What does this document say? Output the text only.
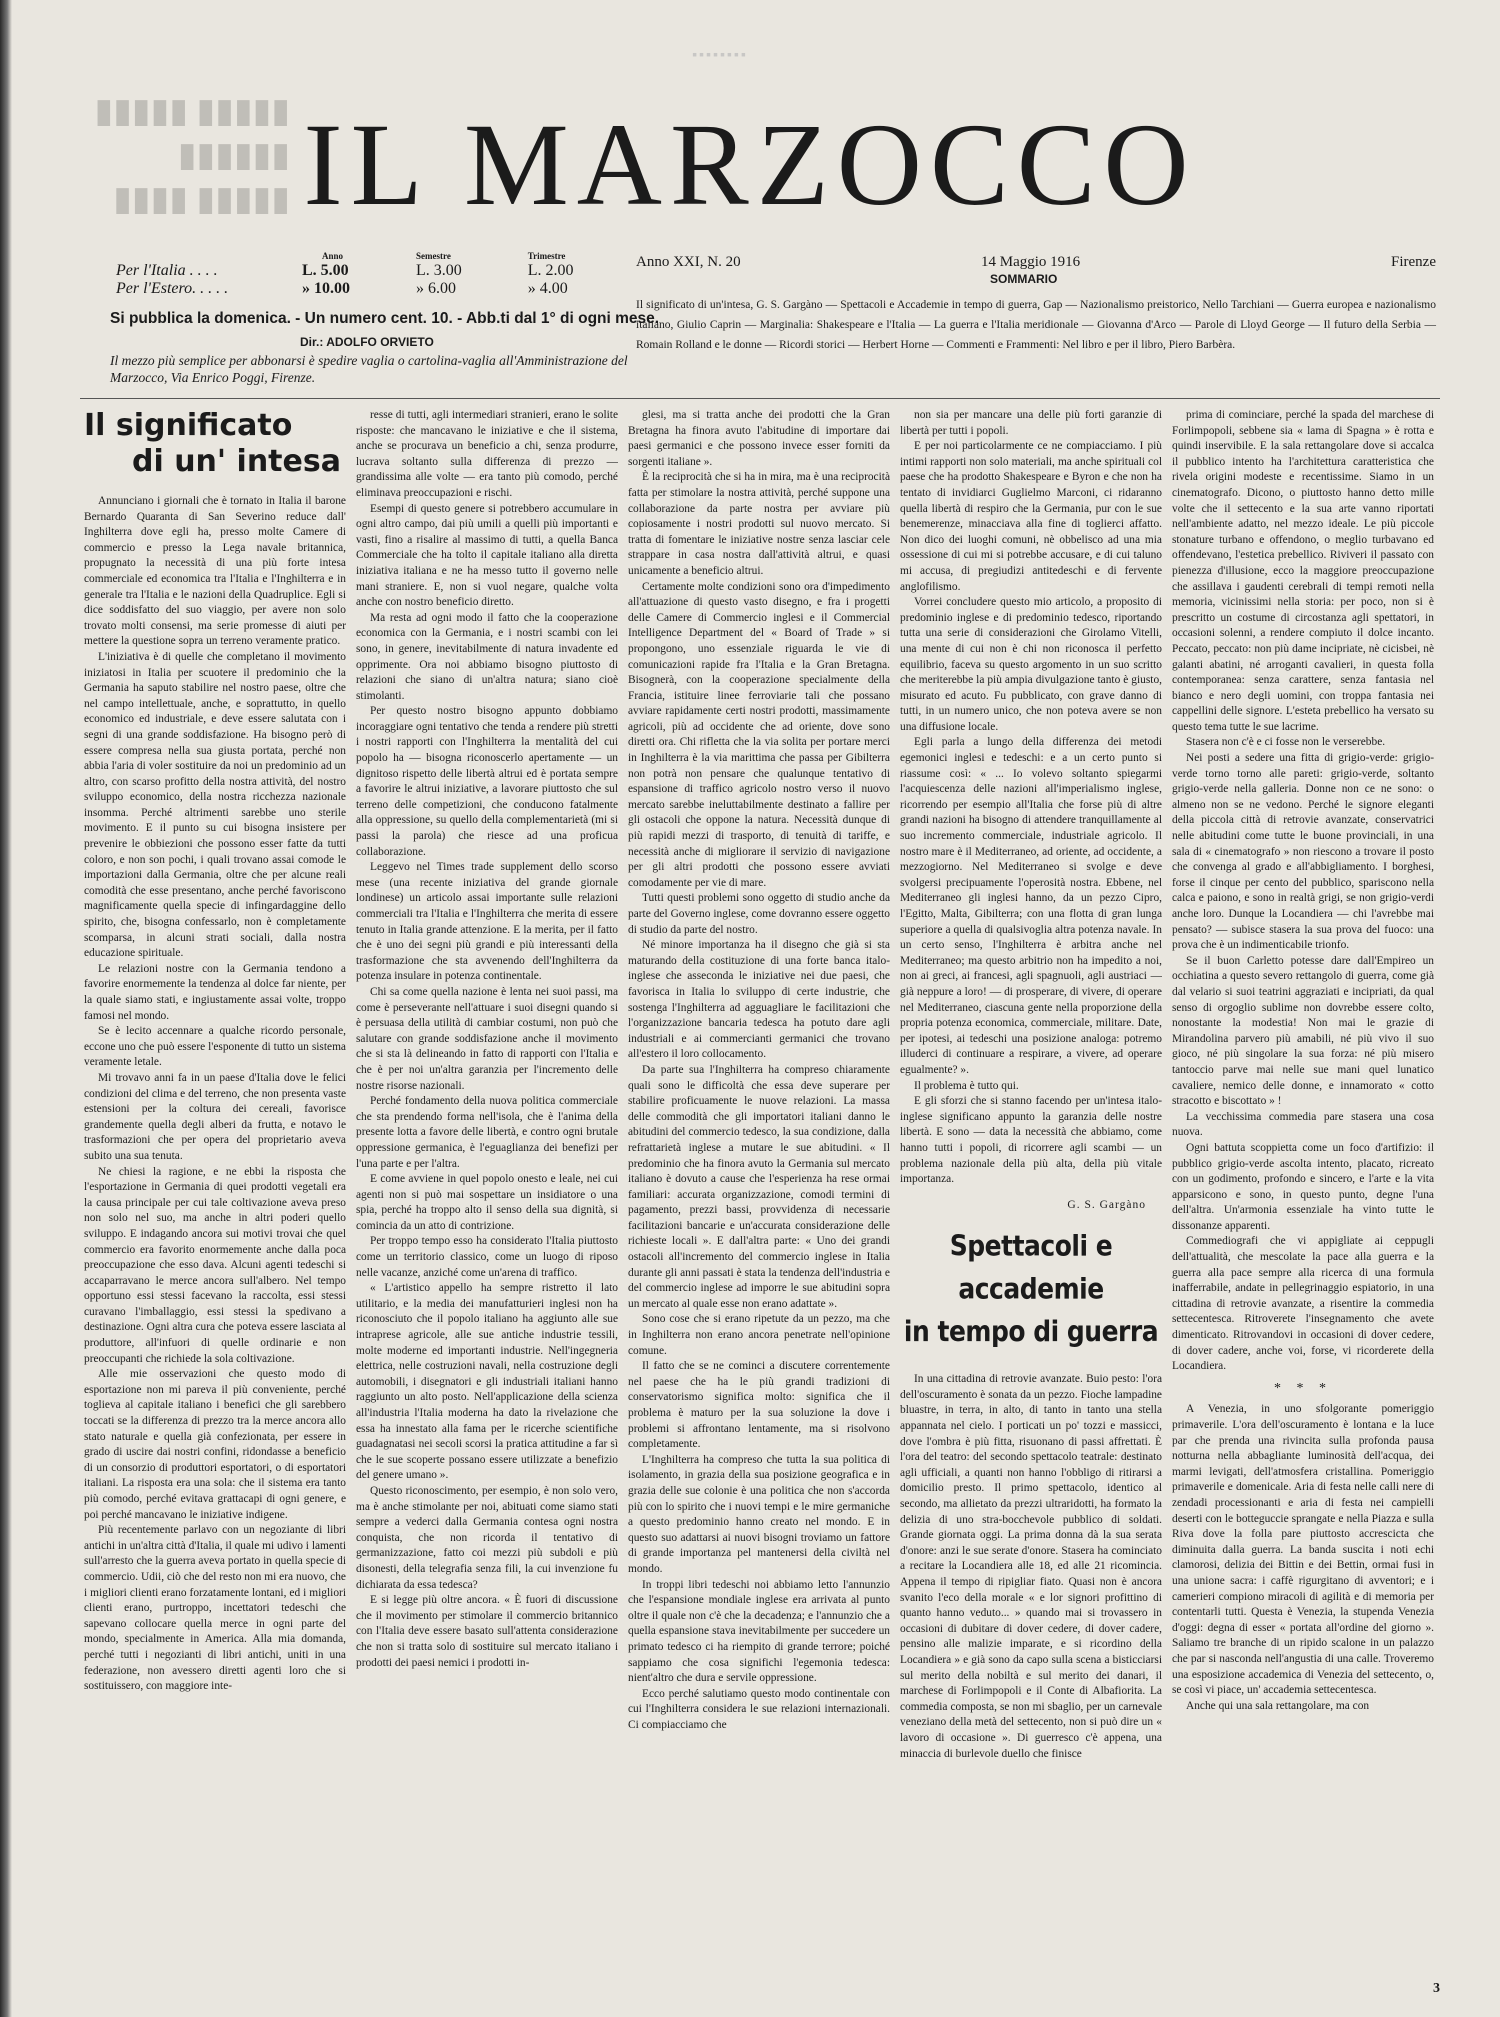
▮▮▮▮▮ ▮▮▮▮▮
▮▮▮▮▮▮
▮▮▮▮▮ ▮▮▮▮
▪▪▪▪▪▪▪▪
IL MARZOCCO
	Anno	Semestre	Trimestre
Per l'Italia . . . .	L. 5.00	L. 3.00	L. 2.00
Per l'Estero. . . . .	» 10.00	» 6.00	» 4.00
Si pubblica la domenica. - Un numero cent. 10. - Abb.ti dal 1° di ogni mese.
Dir.: ADOLFO ORVIETO
Il mezzo più semplice per abbonarsi è spedire vaglia o cartolina-vaglia all'Amministrazione del Marzocco, Via Enrico Poggi, Firenze.
Anno XXI, N. 20	14 Maggio 1916	Firenze
SOMMARIO
Il significato di un'intesa, G. S. Gargàno — Spettacoli e Accademie in tempo di guerra, Gap — Nazionalismo preistorico, Nello Tarchiani — Guerra europea e nazionalismo italiano, Giulio Caprin — Marginalia: Shakespeare e l'Italia — La guerra e l'Italia meridionale — Giovanna d'Arco — Parole di Lloyd George — Il futuro della Serbia — Romain Rolland e le donne — Ricordi storici — Herbert Horne — Commenti e Frammenti: Nel libro e per il libro, Piero Barbèra.
Il significato
di un' intesa

Annunciano i giornali che è tornato in Italia il barone Bernardo Quaranta di San Severino reduce dall' Inghilterra dove egli ha, presso molte Camere di commercio e presso la Lega navale britannica, propugnato la necessità di una più forte intesa commerciale ed economica tra l'Italia e l'Inghilterra e in generale tra l'Italia e le nazioni della Quadruplice. Egli si dice soddisfatto del suo viaggio, per avere non solo trovato molti consensi, ma serie promesse di aiuti per mettere la questione sopra un terreno veramente pratico.

L'iniziativa è di quelle che completano il movimento iniziatosi in Italia per scuotere il predominio che la Germania ha saputo stabilire nel nostro paese, oltre che nel campo intellettuale, anche, e soprattutto, in quello economico ed industriale, e deve essere salutata con i segni di una grande soddisfazione. Ha bisogno però di essere compresa nella sua giusta portata, perché non abbia l'aria di voler sostituire da noi un predominio ad un altro, con scarso profitto della nostra attività, del nostro sviluppo economico, della nostra ricchezza nazionale insomma. Perché altrimenti sarebbe uno sterile movimento. E il punto su cui bisogna insistere per prevenire le obbiezioni che possono esser fatte da tutti coloro, e non son pochi, i quali trovano assai comode le importazioni dalla Germania, oltre che per alcune reali comodità che esse presentano, anche perché favoriscono magnificamente quella specie di infingardaggine dello spirito, che, bisogna confessarlo, non è completamente scomparsa, in alcuni strati sociali, dalla nostra educazione spirituale.

Le relazioni nostre con la Germania tendono a favorire enormemente la tendenza al dolce far niente, per la quale siamo stati, e ingiustamente assai volte, troppo famosi nel mondo.

Se è lecito accennare a qualche ricordo personale, eccone uno che può essere l'esponente di tutto un sistema veramente letale.

Mi trovavo anni fa in un paese d'Italia dove le felici condizioni del clima e del terreno, che non presenta vaste estensioni per la coltura dei cereali, favorisce grandemente quella degli alberi da frutta, e notavo le trasformazioni che per opera del proprietario aveva subito una sua tenuta.

Ne chiesi la ragione, e ne ebbi la risposta che l'esportazione in Germania di quei prodotti vegetali era la causa principale per cui tale coltivazione aveva preso non solo nel suo, ma anche in altri poderi quello sviluppo. E indagando ancora sui motivi trovai che quel commercio era favorito enormemente anche dalla poca preoccupazione che esso dava. Alcuni agenti tedeschi si accaparravano le merce ancora sull'albero. Nel tempo opportuno essi stessi facevano la raccolta, essi stessi curavano l'imballaggio, essi stessi la spedivano a destinazione. Ogni altra cura che poteva essere lasciata al produttore, all'infuori di quelle ordinarie e non preoccupanti che richiede la sola coltivazione.

Alle mie osservazioni che questo modo di esportazione non mi pareva il più conveniente, perché toglieva al capitale italiano i benefici che gli sarebbero toccati se la differenza di prezzo tra la merce ancora allo stato naturale e quella già confezionata, per essere in grado di uscire dai nostri confini, ridondasse a beneficio di un consorzio di produttori esportatori, o di esportatori italiani. La risposta era una sola: che il sistema era tanto più comodo, perché evitava grattacapi di ogni genere, e poi perché mancavano le iniziative indigene.

Più recentemente parlavo con un negoziante di libri antichi in un'altra città d'Italia, il quale mi udivo i lamenti sull'arresto che la guerra aveva portato in quella specie di commercio. Udii, ciò che del resto non mi era nuovo, che i migliori clienti erano forzatamente lontani, ed i migliori clienti erano, purtroppo, incettatori tedeschi che sapevano collocare quella merce in ogni parte del mondo, specialmente in America. Alla mia domanda, perché tutti i negozianti di libri antichi, uniti in una federazione, non avessero diretti agenti loro che si sostituissero, con maggiore inte-

resse di tutti, agli intermediari stranieri, erano le solite risposte: che mancavano le iniziative e che il sistema, anche se procurava un beneficio a chi, senza produrre, lucrava soltanto sulla differenza di prezzo — grandissima alle volte — era tanto più comodo, perché eliminava preoccupazioni e rischi.

Esempi di questo genere si potrebbero accumulare in ogni altro campo, dai più umili a quelli più importanti e vasti, fino a risalire al massimo di tutti, a quella Banca Commerciale che ha tolto il capitale italiano alla diretta iniziativa italiana e ne ha messo tutto il governo nelle mani straniere. E, non si vuol negare, qualche volta anche con nostro beneficio diretto.

Ma resta ad ogni modo il fatto che la cooperazione economica con la Germania, e i nostri scambi con lei sono, in genere, inevitabilmente di natura invadente ed opprimente. Ora noi abbiamo bisogno piuttosto di relazioni che siano di un'altra natura; siano cioè stimolanti.

Per questo nostro bisogno appunto dobbiamo incoraggiare ogni tentativo che tenda a rendere più stretti i nostri rapporti con l'Inghilterra la mentalità del cui popolo ha — bisogna riconoscerlo apertamente — un dignitoso rispetto delle libertà altrui ed è portata sempre a favorire le altrui iniziative, a lavorare piuttosto che sul terreno delle competizioni, che conducono fatalmente alla oppressione, su quello della complementarietà (mi si passi la parola) che riesce ad una proficua collaborazione.

Leggevo nel Times trade supplement dello scorso mese (una recente iniziativa del grande giornale londinese) un articolo assai importante sulle relazioni commerciali tra l'Italia e l'Inghilterra che merita di essere tenuto in Italia grande attenzione. E la merita, per il fatto che è uno dei segni più grandi e più interessanti della trasformazione che sta avvenendo dell'Inghilterra da potenza insulare in potenza continentale.

Chi sa come quella nazione è lenta nei suoi passi, ma come è perseverante nell'attuare i suoi disegni quando si è persuasa della utilità di cambiar costumi, non può che salutare con grande soddisfazione anche il movimento che si sta là delineando in fatto di rapporti con l'Italia e che è per noi un'altra garanzia per l'incremento delle nostre risorse nazionali.

Perché fondamento della nuova politica commerciale che sta prendendo forma nell'isola, che è l'anima della presente lotta a favore delle libertà, e contro ogni brutale oppressione germanica, è l'eguaglianza dei benefizi per l'una parte e per l'altra.

E come avviene in quel popolo onesto e leale, nei cui agenti non si può mai sospettare un insidiatore o una spia, perché ha troppo alto il senso della sua dignità, si comincia da un atto di contrizione.

Per troppo tempo esso ha considerato l'Italia piuttosto come un territorio classico, come un luogo di riposo nelle vacanze, anziché come un'arena di traffico.

« L'artistico appello ha sempre ristretto il lato utilitario, e la media dei manufatturieri inglesi non ha riconosciuto che il popolo italiano ha aggiunto alle sue intraprese agricole, alle sue antiche industrie tessili, molte moderne ed importanti industrie. Nell'ingegneria elettrica, nelle costruzioni navali, nella costruzione degli automobili, i disegnatori e gli industriali italiani hanno raggiunto un alto posto. Nell'applicazione della scienza all'industria l'Italia moderna ha dato la rivelazione che essa ha innestato alla fama per le ricerche scientifiche guadagnatasi nei secoli scorsi la pratica attitudine a far sì che le sue scoperte possano essere utilizzate a benefizio del genere umano ».

Questo riconoscimento, per esempio, è non solo vero, ma è anche stimolante per noi, abituati come siamo stati sempre a vederci dalla Germania contesa ogni nostra conquista, che non ricorda il tentativo di germanizzazione, fatto coi mezzi più subdoli e più disonesti, della telegrafia senza fili, la cui invenzione fu dichiarata da essa tedesca?

E si legge più oltre ancora. « È fuori di discussione che il movimento per stimolare il commercio britannico con l'Italia deve essere basato sull'attenta considerazione che non si tratta solo di sostituire sul mercato italiano i prodotti dei paesi nemici i prodotti in-

glesi, ma si tratta anche dei prodotti che la Gran Bretagna ha finora avuto l'abitudine di importare dai paesi germanici e che possono invece esser forniti da sorgenti italiane ».

È la reciprocità che si ha in mira, ma è una reciprocità fatta per stimolare la nostra attività, perché suppone una collaborazione da parte nostra per avviare più copiosamente i nostri prodotti sul nuovo mercato. Si tratta di fomentare le iniziative nostre senza lasciar cele strappare in casa nostra dall'attività altrui, e quasi unicamente a beneficio altrui.

Certamente molte condizioni sono ora d'impedimento all'attuazione di questo vasto disegno, e fra i progetti delle Camere di Commercio inglesi e il Commercial Intelligence Department del « Board of Trade » si propongono, uno essenziale riguarda le vie di comunicazioni rapide fra l'Italia e la Gran Bretagna. Bisognerà, con la cooperazione specialmente della Francia, istituire linee ferroviarie tali che possano avviare rapidamente certi nostri prodotti, massimamente agricoli, più ad occidente che ad oriente, dove sono diretti ora. Chi rifletta che la via solita per portare merci in Inghilterra è la via marittima che passa per Gibilterra non potrà non pensare che qualunque tentativo di espansione di traffico agricolo nostro verso il nuovo mercato sarebbe ineluttabilmente destinato a fallire per gli ostacoli che oppone la natura. Necessità dunque di più rapidi mezzi di trasporto, di tenuità di tariffe, e necessità anche di migliorare il servizio di navigazione per gli altri prodotti che possono essere avviati comodamente per vie di mare.

Tutti questi problemi sono oggetto di studio anche da parte del Governo inglese, come dovranno essere oggetto di studio da parte del nostro.

Né minore importanza ha il disegno che già si sta maturando della costituzione di una forte banca italo-inglese che asseconda le iniziative nei due paesi, che favorisca in Italia lo sviluppo di certe industrie, che sostenga l'Inghilterra ad agguagliare le facilitazioni che l'organizzazione bancaria tedesca ha potuto dare agli industriali e ai commercianti germanici che trovano all'estero il loro collocamento.

Da parte sua l'Inghilterra ha compreso chiaramente quali sono le difficoltà che essa deve superare per stabilire proficuamente le nuove relazioni. La massa delle commodità che gli importatori italiani danno le abitudini del commercio tedesco, la sua condizione, dalla refrattarietà inglese a mutare le sue abitudini. « Il predominio che ha finora avuto la Germania sul mercato italiano è dovuto a cause che l'esperienza ha rese ormai familiari: accurata organizzazione, comodi termini di pagamento, prezzi bassi, provvidenza di necessarie facilitazioni bancarie e un'accurata considerazione delle richieste locali ». E dall'altra parte: « Uno dei grandi ostacoli all'incremento del commercio inglese in Italia durante gli anni passati è stata la tendenza dell'industria e del commercio inglese ad imporre le sue abitudini sopra un mercato al quale esse non erano adattate ».

Sono cose che si erano ripetute da un pezzo, ma che in Inghilterra non erano ancora penetrate nell'opinione comune.

Il fatto che se ne cominci a discutere correntemente nel paese che ha le più grandi tradizioni di conservatorismo significa molto: significa che il problema è maturo per la sua soluzione la dove i problemi si affrontano lentamente, ma si risolvono completamente.

L'Inghilterra ha compreso che tutta la sua politica di isolamento, in grazia della sua posizione geografica e in grazia delle sue colonie è una politica che non s'accorda più con lo spirito che i nuovi tempi e le mire germaniche a questo predominio hanno creato nel mondo. E in questo suo adattarsi ai nuovi bisogni troviamo un fattore di grande importanza pel mantenersi della civiltà nel mondo.

In troppi libri tedeschi noi abbiamo letto l'annunzio che l'espansione mondiale inglese era arrivata al punto oltre il quale non c'è che la decadenza; e l'annunzio che a quella espansione stava inevitabilmente per succedere un primato tedesco ci ha riempito di grande terrore; poiché sappiamo che cosa significhi l'egemonia tedesca: nient'altro che dura e servile oppressione.

Ecco perché salutiamo questo modo continentale con cui l'Inghilterra considera le sue relazioni internazionali. Ci compiacciamo che

non sia per mancare una delle più forti garanzie di libertà per tutti i popoli.

E per noi particolarmente ce ne compiacciamo. I più intimi rapporti non solo materiali, ma anche spirituali col paese che ha prodotto Shakespeare e Byron e che non ha tentato di invidiarci Guglielmo Marconi, ci ridaranno quella libertà di respiro che la Germania, pur con le sue benemerenze, minacciava alla fine di toglierci affatto. Non dico dei luoghi comuni, nè obbelisco ad una mia ossessione di cui mi si potrebbe accusare, e di cui taluno mi accusa, di pregiudizi antitedeschi e di fervente anglofilismo.

Vorrei concludere questo mio articolo, a proposito di predominio inglese e di predominio tedesco, riportando tutta una serie di considerazioni che Girolamo Vitelli, una mente di cui non è chi non riconosca il perfetto equilibrio, faceva su questo argomento in un suo scritto che meriterebbe la più ampia divulgazione tanto è giusto, misurato ed acuto. Fu pubblicato, con grave danno di tutti, in un numero unico, che non poteva avere se non una diffusione locale.

Egli parla a lungo della differenza dei metodi egemonici inglesi e tedeschi: e a un certo punto si riassume così: « ... Io volevo soltanto spiegarmi l'acquiescenza delle nazioni all'imperialismo inglese, ricorrendo per esempio all'Italia che forse più di altre grandi nazioni ha bisogno di attendere tranquillamente al suo incremento commerciale, industriale agricolo. Il nostro mare è il Mediterraneo, ad oriente, ad occidente, a mezzogiorno. Nel Mediterraneo si svolge e deve svolgersi precipuamente l'operosità nostra. Ebbene, nel Mediterraneo gli inglesi hanno, da un pezzo Cipro, l'Egitto, Malta, Gibilterra; con una flotta di gran lunga superiore a quella di qualsivoglia altra potenza navale. In un certo senso, l'Inghilterra è arbitra anche nel Mediterraneo; ma questo arbitrio non ha impedito a noi, non ai greci, ai francesi, agli spagnuoli, agli austriaci — già neppure a loro! — di prosperare, di vivere, di operare nel Mediterraneo, ciascuna gente nella proporzione della propria potenza economica, commerciale, militare. Date, per ipotesi, ai tedeschi una posizione analoga: potremo illuderci di continuare a respirare, a vivere, ad operare egualmente? ».

Il problema è tutto qui.

E gli sforzi che si stanno facendo per un'intesa italo-inglese significano appunto la garanzia delle nostre libertà. E sono — data la necessità che abbiamo, come hanno tutti i popoli, di ricorrere agli scambi — un problema nazionale della più alta, della più vitale importanza.

G. S. Gargàno
Spettacoli e accademie
in tempo di guerra

In una cittadina di retrovie avanzate. Buio pesto: l'ora dell'oscuramento è sonata da un pezzo. Fioche lampadine bluastre, in terra, in alto, di tanto in tanto una stella appannata nel cielo. I porticati un po' tozzi e massicci, dove l'ombra è più fitta, risuonano di passi affrettati. È l'ora del teatro: del secondo spettacolo teatrale: destinato agli ufficiali, a quanti non hanno l'obbligo di ritirarsi a domicilio presto. Il primo spettacolo, identico al secondo, ma allietato da prezzi ultraridotti, ha formato la delizia di uno stra-bocchevole pubblico di soldati. Grande giornata oggi. La prima donna dà la sua serata d'onore: anzi le sue serate d'onore. Stasera ha cominciato a recitare la Locandiera alle 18, ed alle 21 ricomincia. Appena il tempo di ripigliar fiato. Quasi non è ancora svanito l'eco della morale « e lor signori profittino di quanto hanno veduto... » quando mai si trovassero in occasioni di dubitare di dover cedere, di dover cadere, pensino alle malizie imparate, e si ricordino della Locandiera » e già sono da capo sulla scena a bisticciarsi sul merito della nobiltà e sul merito dei danari, il marchese di Forlimpopoli e il Conte di Albafiorita. La commedia composta, se non mi sbaglio, per un carnevale veneziano della metà del settecento, non si può dire un « lavoro di occasione ». Di guerresco c'è appena, una minaccia di burlevole duello che finisce

prima di cominciare, perché la spada del marchese di Forlimpopoli, sebbene sia « lama di Spagna » è rotta e quindi inservibile. E la sala rettangolare dove si accalca il pubblico intento ha l'architettura caratteristica che rivela origini modeste e recentissime. Siamo in un cinematografo. Dicono, o piuttosto hanno detto mille volte che il settecento e la sua arte vanno riportati nell'ambiente adatto, nel mezzo ideale. Le più piccole stonature turbano e offendono, o meglio turbavano ed offendevano, l'estetica prebellico. Riviveri il passato con pienezza d'illusione, ecco la maggiore preoccupazione che assillava i gaudenti cerebrali di tempi remoti nella memoria, vicinissimi nella storia: per poco, non si è prescritto un costume di circostanza agli spettatori, in occasioni solenni, a rendere compiuto il dolce incanto. Peccato, peccato: non più dame incipriate, nè cicisbei, nè galanti abatini, né arroganti cavalieri, in questa folla contemporanea: senza carattere, senza fantasia nel bianco e nero degli uomini, con troppa fantasia nei cappellini delle signore. L'esteta prebellico ha versato su questo tema tutte le sue lacrime.

Stasera non c'è e ci fosse non le verserebbe.

Nei posti a sedere una fitta di grigio-verde: grigio-verde torno torno alle pareti: grigio-verde, soltanto grigio-verde nella galleria. Donne non ce ne sono: o almeno non se ne vedono. Perché le signore eleganti della piccola città di retrovie avanzate, conservatrici nelle abitudini come tutte le buone provinciali, in una sala di « cinematografo » non riescono a trovare il posto che convenga al grado e all'abbigliamento. I borghesi, forse il cinque per cento del pubblico, spariscono nella calca e paiono, e sono in realtà grigi, se non grigio-verdi anche loro. Dunque la Locandiera — chi l'avrebbe mai pensato? — subisce stasera la sua prova del fuoco: una prova che è un indimenticabile trionfo.

Se il buon Carletto potesse dare dall'Empireo un occhiatina a questo severo rettangolo di guerra, come già dal velario si suoi teatrini aggraziati e incipriati, da qual senso di orgoglio sublime non dovrebbe essere colto, nonostante la modestia! Non mai le grazie di Mirandolina parvero più amabili, né più vivo il suo gioco, né più singolare la sua forza: né più misero tantoccio parve mai nelle sue mani quel lunatico cavaliere, nemico delle donne, e innamorato « cotto stracotto e biscottato » !

La vecchissima commedia pare stasera una cosa nuova.

Ogni battuta scoppietta come un foco d'artifizio: il pubblico grigio-verde ascolta intento, placato, ricreato con un godimento, profondo e sincero, e l'arte e la vita apparsicono e sono, in questo punto, degne l'una dell'altra. Un'armonia essenziale ha vinto tutte le dissonanze apparenti.

Commediografi che vi appigliate ai ceppugli dell'attualità, che mescolate la pace alla guerra e la guerra alla pace sempre alla ricerca di una formula inafferrabile, andate in pellegrinaggio espiatorio, in una cittadina di retrovie avanzate, a risentire la commedia settecentesca. Ritroverete l'insegnamento che avete dimenticato. Ritrovandovi in occasioni di dover cedere, di dover cadere, anche voi, forse, vi ricorderete della Locandiera.

* * *

A Venezia, in uno sfolgorante pomeriggio primaverile. L'ora dell'oscuramento è lontana e la luce par che prenda una rivincita sulla profonda pausa notturna nella abbagliante luminosità dell'acqua, dei marmi levigati, dell'atmosfera cristallina. Pomeriggio primaverile e domenicale. Aria di festa nelle calli nere di zendadi processionanti e aria di festa nei campielli deserti con le botteguccie sprangate e nella Piazza e sulla Riva dove la folla pare piuttosto accrescicta che diminuita dalla guerra. La banda suscita i noti echi clamorosi, delizia dei Bittin e dei Bettin, ormai fusi in una unione sacra: i caffè rigurgitano di avventori; e i camerieri compiono miracoli di agilità e di memoria per contentarli tutti. Questa è Venezia, la stupenda Venezia d'oggi: degna di esser « portata all'ordine del giorno ». Saliamo tre branche di un ripido scalone in un palazzo che par si nasconda nell'angustia di una calle. Troveremo una esposizione accademica di Venezia del settecento, o, se così vi piace, un' accademia settecentesca.

Anche qui una sala rettangolare, ma con

3
